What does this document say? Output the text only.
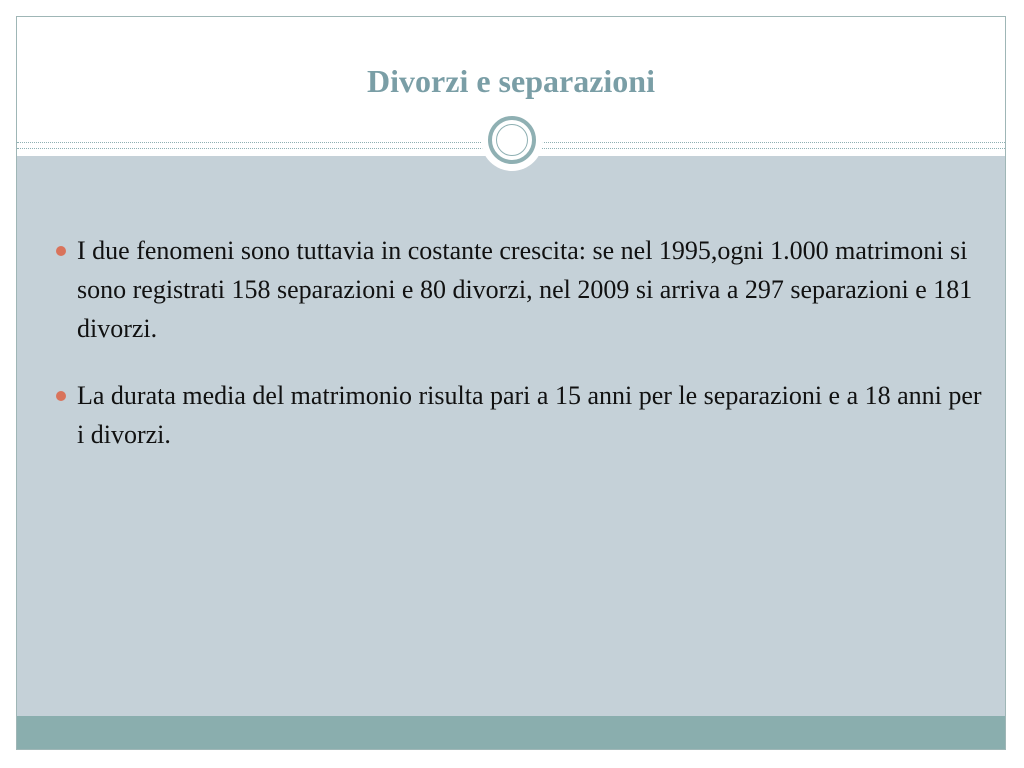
Divorzi e separazioni
I due fenomeni sono tuttavia in costante crescita: se nel 1995,ogni 1.000 matrimoni si sono registrati 158 separazioni e 80 divorzi, nel 2009 si arriva a 297 separazioni e 181 divorzi.
La durata media del matrimonio risulta pari a 15 anni per le separazioni e a 18 anni per i divorzi.
